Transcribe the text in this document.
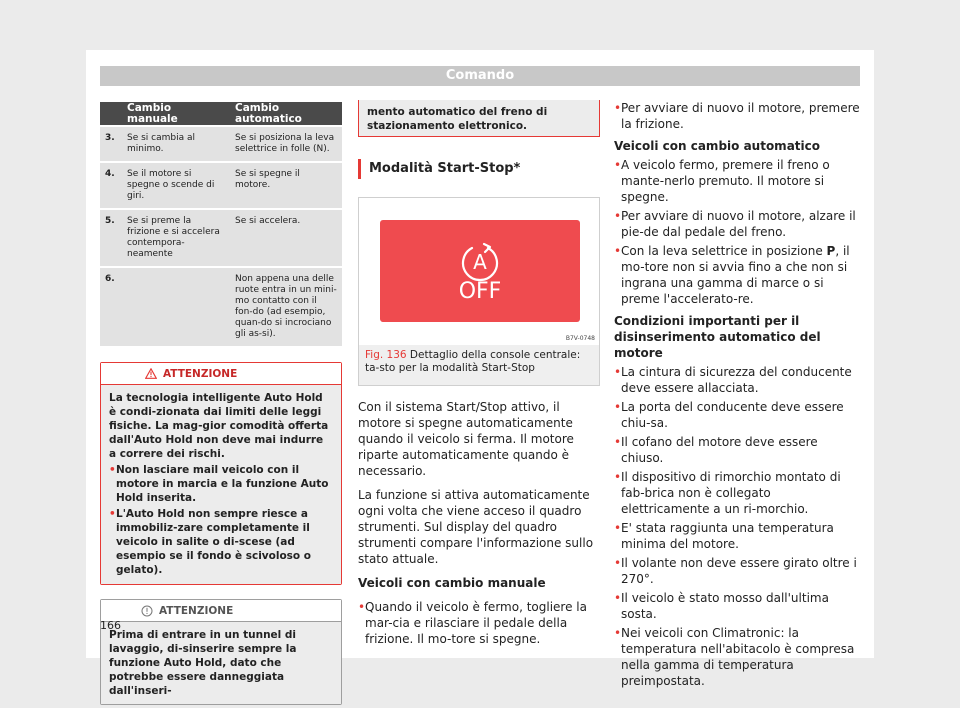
Comando
	Cambio manuale	Cambio automatico
3.	Se si cambia al minimo.	Se si posiziona la leva selettrice in folle (N).
4.	Se il motore si spegne o scende di giri.	Se si spegne il motore.
5.	Se si preme la frizione e si accelera contempora-neamente	Se si accelera.
6.		Non appena una delle ruote entra in un mini-mo contatto con il fon-do (ad esempio, quan-do si incrociano gli as-si).
ATTENZIONE
La tecnologia intelligente Auto Hold è condi-zionata dai limiti delle leggi fisiche. La mag-gior comodità offerta dall'Auto Hold non deve mai indurre a correre dei rischi.
• Non lasciare mail veicolo con il motore in marcia e la funzione Auto Hold inserita.
• L'Auto Hold non sempre riesce a immobiliz-zare completamente il veicolo in salite o di-scese (ad esempio se il fondo è scivoloso o gelato).
ATTENZIONE
Prima di entrare in un tunnel di lavaggio, di-sinserire sempre la funzione Auto Hold, dato che potrebbe essere danneggiata dall'inseri-
mento automatico del freno di stazionamento elettronico.
Modalità Start-Stop*
A
OFF
B7V-0748
Fig. 136 Dettaglio della console centrale: ta-sto per la modalità Start-Stop

Con il sistema Start/Stop attivo, il motore si spegne automaticamente quando il veicolo si ferma. Il motore riparte automaticamente quando è necessario.

La funzione si attiva automaticamente ogni volta che viene acceso il quadro strumenti. Sul display del quadro strumenti compare l'informazione sullo stato attuale.

Veicoli con cambio manuale

• Quando il veicolo è fermo, togliere la mar-cia e rilasciare il pedale della frizione. Il mo-tore si spegne.

• Per avviare di nuovo il motore, premere la frizione.

Veicoli con cambio automatico

• A veicolo fermo, premere il freno o mante-nerlo premuto. Il motore si spegne.

• Per avviare di nuovo il motore, alzare il pie-de dal pedale del freno.

• Con la leva selettrice in posizione P, il mo-tore non si avvia fino a che non si ingrana una gamma di marce o si preme l'accelerato-re.

Condizioni importanti per il disinserimento automatico del motore

• La cintura di sicurezza del conducente deve essere allacciata.

• La porta del conducente deve essere chiu-sa.

• Il cofano del motore deve essere chiuso.

• Il dispositivo di rimorchio montato di fab-brica non è collegato elettricamente a un ri-morchio.

• E' stata raggiunta una temperatura minima del motore.

• Il volante non deve essere girato oltre i 270°.

• Il veicolo è stato mosso dall'ultima sosta.

• Nei veicoli con Climatronic: la temperatura nell'abitacolo è compresa nella gamma di temperatura preimpostata.

166
